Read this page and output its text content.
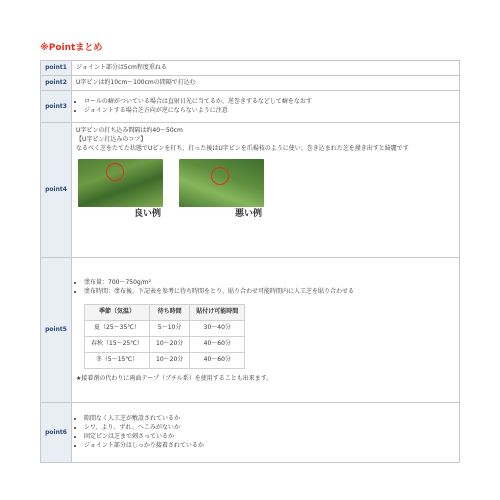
※Pointまとめ
point1	ジョイント部分は5cm程度重ねる

point2	U字ピンは約10cm～100cmの間隔で打込む

point3	
• ロールの癖がついている場合は直射日光に当てるか、逆巻きするなどして癖をなおす
• ジョイントする場合芝方向が逆にならないように注意

point4	
U字ピンの打ち込み間隔は約40～50cm
【U字ピン打込みのコツ】
なるべく芝をたてた状態でUピンを打ち、打った後はU字ピンを爪楊枝のように使い、巻き込まれた芝を掻き出すと綺麗です
良い例	悪い例

point5	
• 塗布量：700～750g/m²
• 塗布時間：塗布後、下記表を参考に待ち時間をとり、貼り合わせ可能時間内に人工芝を貼り合わせる
季節（気温）	待ち時間	貼付け可能時間
夏（25～35℃）	5～10分	30～40分
春秋（15～25℃）	10～20分	40～60分
冬（5～15℃）	10～20分	40～60分
★接着剤の代わりに両面テープ（ブチル系）を使用することも出来ます。

point6	
• 隙間なく人工芝が敷設されているか
• シワ、より、ずれ、へこみがないか
• 固定ピンは芝まで刺さっているか
• ジョイント部分はしっかり接着されているか
